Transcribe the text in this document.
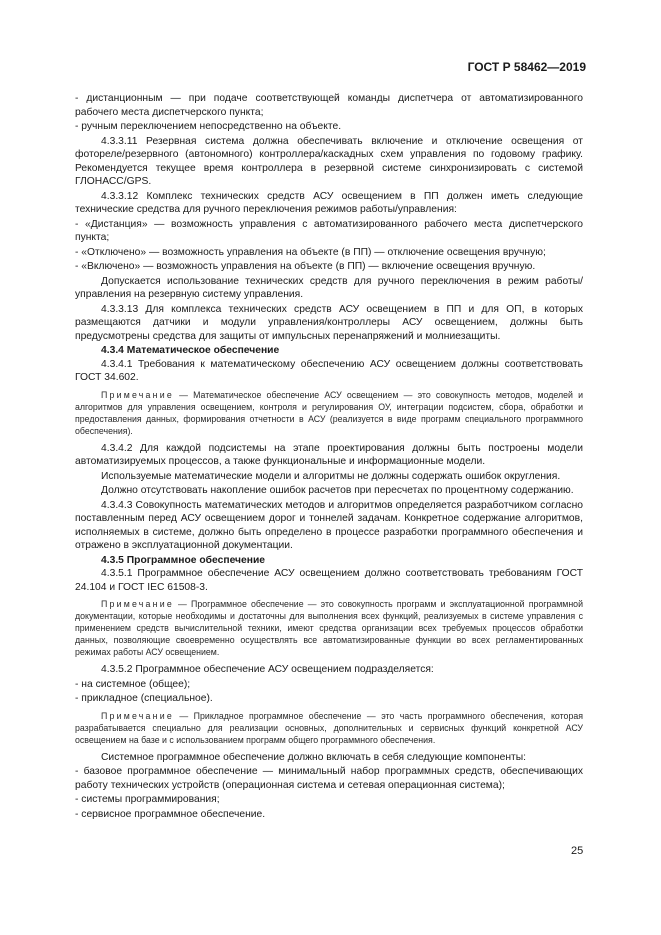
ГОСТ Р 58462—2019

- дистанционным — при подаче соответствующей команды диспетчера от автоматизированного рабочего места диспетчерского пункта;

- ручным переключением непосредственно на объекте.

4.3.3.11 Резервная система должна обеспечивать включение и отключение освещения от фотореле/резервного (автономного) контроллера/каскадных схем управления по годовому графику. Рекомендуется текущее время контроллера в резервной системе синхронизировать с системой ГЛОНАСС/GPS.

4.3.3.12 Комплекс технических средств АСУ освещением в ПП должен иметь следующие технические средства для ручного переключения режимов работы/управления:

- «Дистанция» — возможность управления с автоматизированного рабочего места диспетчерского пункта;

- «Отключено» — возможность управления на объекте (в ПП) — отключение освещения вручную;

- «Включено» — возможность управления на объекте (в ПП) — включение освещения вручную.

Допускается использование технических средств для ручного переключения в режим работы/управления на резервную систему управления.

4.3.3.13 Для комплекса технических средств АСУ освещением в ПП и для ОП, в которых размещаются датчики и модули управления/контроллеры АСУ освещением, должны быть предусмотрены средства для защиты от импульсных перенапряжений и молниезащиты.

4.3.4 Математическое обеспечение

4.3.4.1 Требования к математическому обеспечению АСУ освещением должны соответствовать ГОСТ 34.602.

Примечание — Математическое обеспечение АСУ освещением — это совокупность методов, моделей и алгоритмов для управления освещением, контроля и регулирования ОУ, интеграции подсистем, сбора, обработки и предоставления данных, формирования отчетности в АСУ (реализуется в виде программ специального программного обеспечения).

4.3.4.2 Для каждой подсистемы на этапе проектирования должны быть построены модели автоматизируемых процессов, а также функциональные и информационные модели.

Используемые математические модели и алгоритмы не должны содержать ошибок округления.

Должно отсутствовать накопление ошибок расчетов при пересчетах по процентному содержанию.

4.3.4.3 Совокупность математических методов и алгоритмов определяется разработчиком согласно поставленным перед АСУ освещением дорог и тоннелей задачам. Конкретное содержание алгоритмов, исполняемых в системе, должно быть определено в процессе разработки программного обеспечения и отражено в эксплуатационной документации.

4.3.5 Программное обеспечение

4.3.5.1 Программное обеспечение АСУ освещением должно соответствовать требованиям ГОСТ 24.104 и ГОСТ IEC 61508-3.

Примечание — Программное обеспечение — это совокупность программ и эксплуатационной программной документации, которые необходимы и достаточны для выполнения всех функций, реализуемых в системе управления с применением средств вычислительной техники, имеют средства организации всех требуемых процессов обработки данных, позволяющие своевременно осуществлять все автоматизированные функции во всех регламентированных режимах работы АСУ освещением.

4.3.5.2 Программное обеспечение АСУ освещением подразделяется:

- на системное (общее);

- прикладное (специальное).

Примечание — Прикладное программное обеспечение — это часть программного обеспечения, которая разрабатывается специально для реализации основных, дополнительных и сервисных функций конкретной АСУ освещением на базе и с использованием программ общего программного обеспечения.

Системное программное обеспечение должно включать в себя следующие компоненты:

- базовое программное обеспечение — минимальный набор программных средств, обеспечивающих работу технических устройств (операционная система и сетевая операционная система);

- системы программирования;

- сервисное программное обеспечение.

25
